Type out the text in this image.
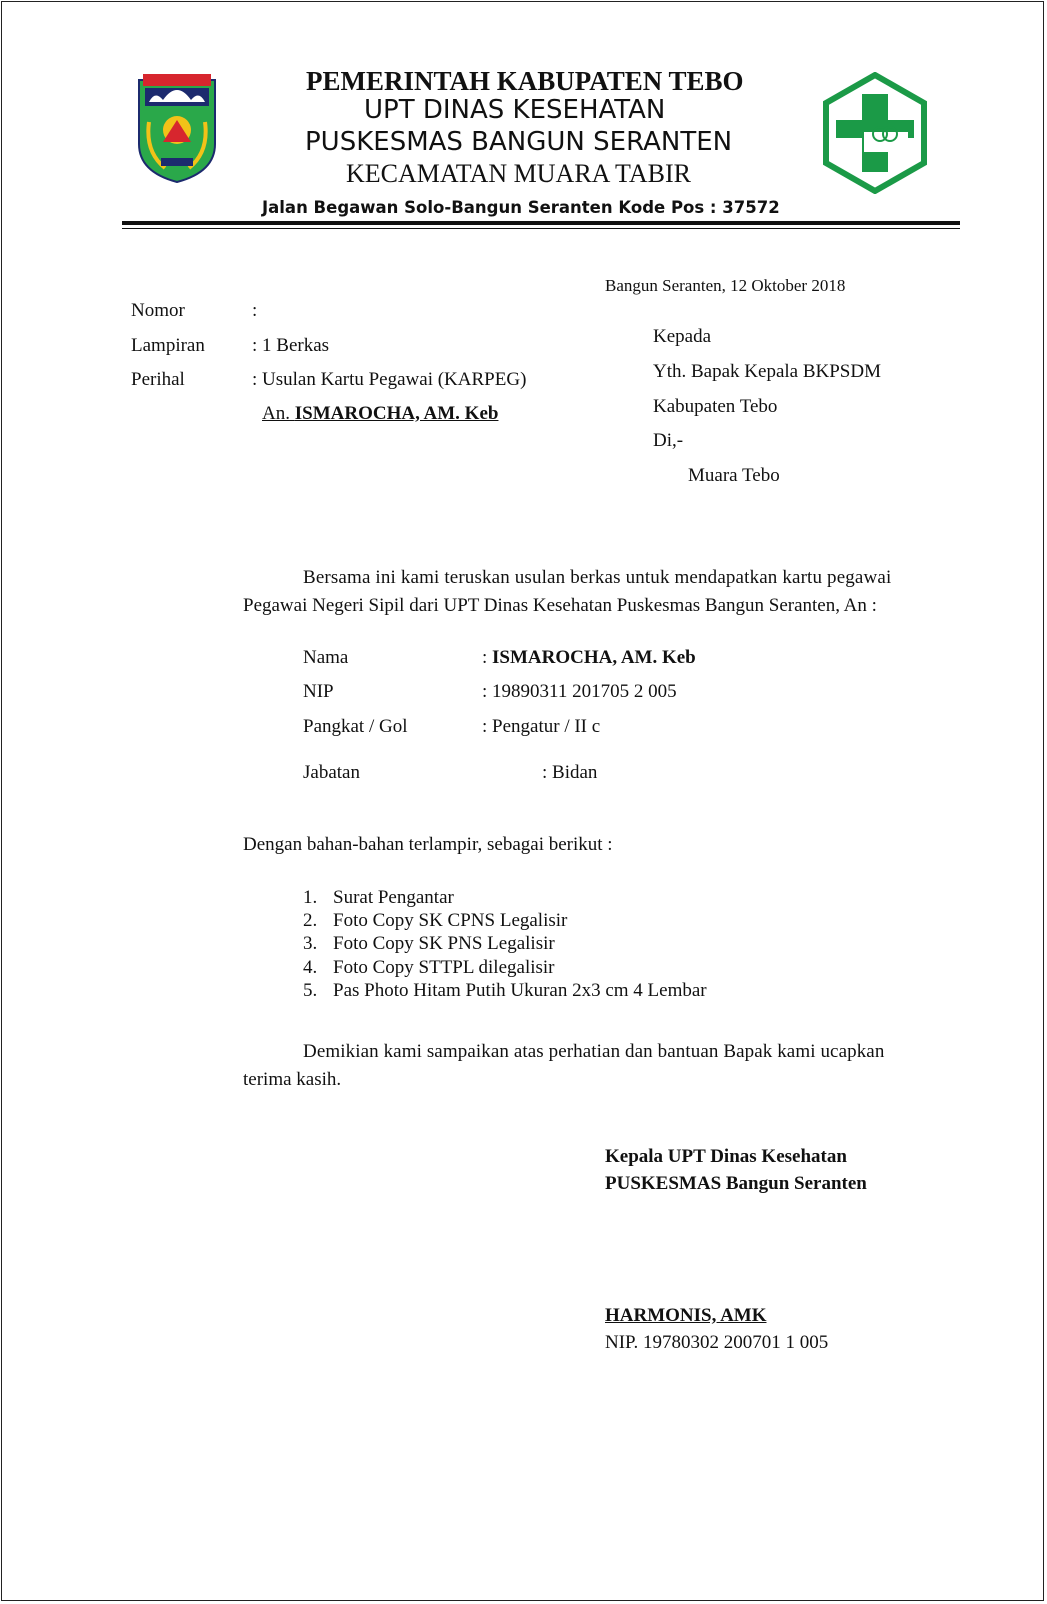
PEMERINTAH KABUPATEN TEBO
UPT DINAS KESEHATAN
PUSKESMAS BANGUN SERANTEN
KECAMATAN MUARA TABIR
Jalan Begawan Solo-Bangun Seranten Kode Pos : 37572
Bangun Seranten, 12 Oktober 2018
Nomor	:
Lampiran : 1 Berkas
Perihal	: Usulan Kartu Pegawai (KARPEG)
An. ISMAROCHA, AM. Keb
Kepada
Yth. Bapak Kepala BKPSDM
Kabupaten Tebo
Di,-
Muara Tebo
Bersama ini kami teruskan usulan berkas untuk mendapatkan kartu pegawai
Pegawai Negeri Sipil dari UPT Dinas Kesehatan Puskesmas Bangun Seranten, An :
Nama	: ISMAROCHA, AM. Keb
NIP	: 19890311 201705 2 005
Pangkat / Gol	: Pengatur / II c
Jabatan	: Bidan
Dengan bahan-bahan terlampir, sebagai berikut :
1. Surat Pengantar
2. Foto Copy SK CPNS Legalisir
3. Foto Copy SK PNS Legalisir
4. Foto Copy STTPL dilegalisir
5. Pas Photo Hitam Putih Ukuran 2x3 cm 4 Lembar
Demikian kami sampaikan atas perhatian dan bantuan Bapak kami ucapkan
terima kasih.
Kepala UPT Dinas Kesehatan
PUSKESMAS Bangun Seranten
HARMONIS, AMK
NIP. 19780302 200701 1 005
